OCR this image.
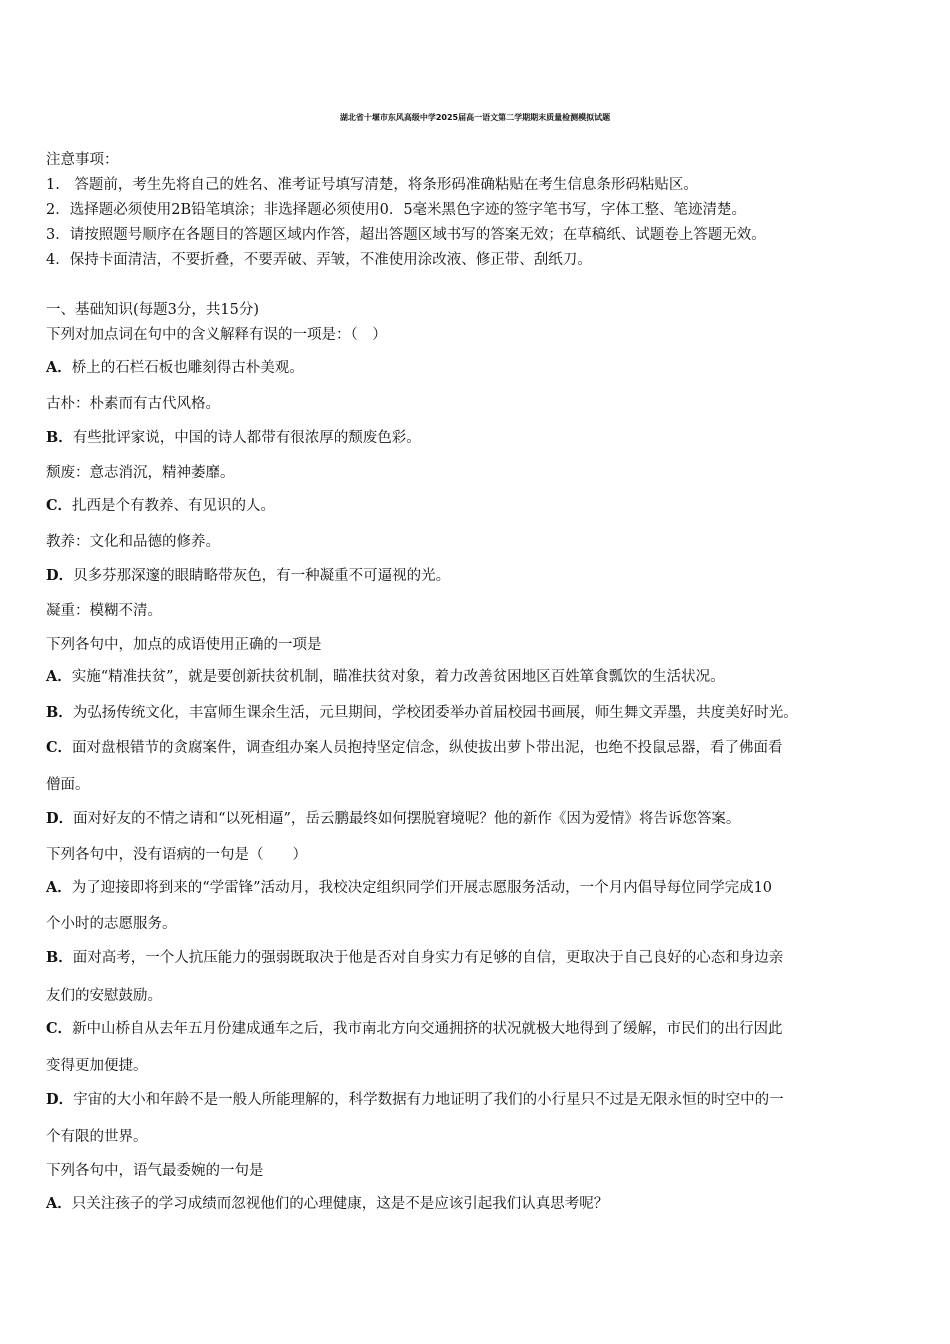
湖北省十堰市东风高级中学2025届高一语文第二学期期末质量检测模拟试题
注意事项：
1.　答题前，考生先将自己的姓名、准考证号填写清楚，将条形码准确粘贴在考生信息条形码粘贴区。
2．选择题必须使用2B铅笔填涂；非选择题必须使用0．5毫米黑色字迹的签字笔书写，字体工整、笔迹清楚。
3．请按照题号顺序在各题目的答题区域内作答，超出答题区域书写的答案无效；在草稿纸、试题卷上答题无效。
4．保持卡面清洁，不要折叠，不要弄破、弄皱，不准使用涂改液、修正带、刮纸刀。
一、基础知识(每题3分，共15分)
下列对加点词在句中的含义解释有误的一项是：（　）
A．桥上的石栏石板也雕刻得古朴美观。
古朴：朴素而有古代风格。
B．有些批评家说，中国的诗人都带有很浓厚的颓废色彩。
颓废：意志消沉，精神萎靡。
C．扎西是个有教养、有见识的人。
教养：文化和品德的修养。
D．贝多芬那深邃的眼睛略带灰色，有一种凝重不可逼视的光。
凝重：模糊不清。
下列各句中，加点的成语使用正确的一项是
A．实施“精准扶贫”，就是要创新扶贫机制，瞄准扶贫对象，着力改善贫困地区百姓箪食瓢饮的生活状况。
B．为弘扬传统文化，丰富师生课余生活，元旦期间，学校团委举办首届校园书画展，师生舞文弄墨，共度美好时光。
C．面对盘根错节的贪腐案件，调查组办案人员抱持坚定信念，纵使拔出萝卜带出泥，也绝不投鼠忌器，看了佛面看
僧面。
D．面对好友的不情之请和“以死相逼”，岳云鹏最终如何摆脱窘境呢？他的新作《因为爱情》将告诉您答案。
下列各句中，没有语病的一句是（　　）
A．为了迎接即将到来的“学雷锋”活动月，我校决定组织同学们开展志愿服务活动，一个月内倡导每位同学完成10
个小时的志愿服务。
B．面对高考，一个人抗压能力的强弱既取决于他是否对自身实力有足够的自信，更取决于自己良好的心态和身边亲
友们的安慰鼓励。
C．新中山桥自从去年五月份建成通车之后，我市南北方向交通拥挤的状况就极大地得到了缓解，市民们的出行因此
变得更加便捷。
D．宇宙的大小和年龄不是一般人所能理解的，科学数据有力地证明了我们的小行星只不过是无限永恒的时空中的一
个有限的世界。
下列各句中，语气最委婉的一句是
A．只关注孩子的学习成绩而忽视他们的心理健康，这是不是应该引起我们认真思考呢？
